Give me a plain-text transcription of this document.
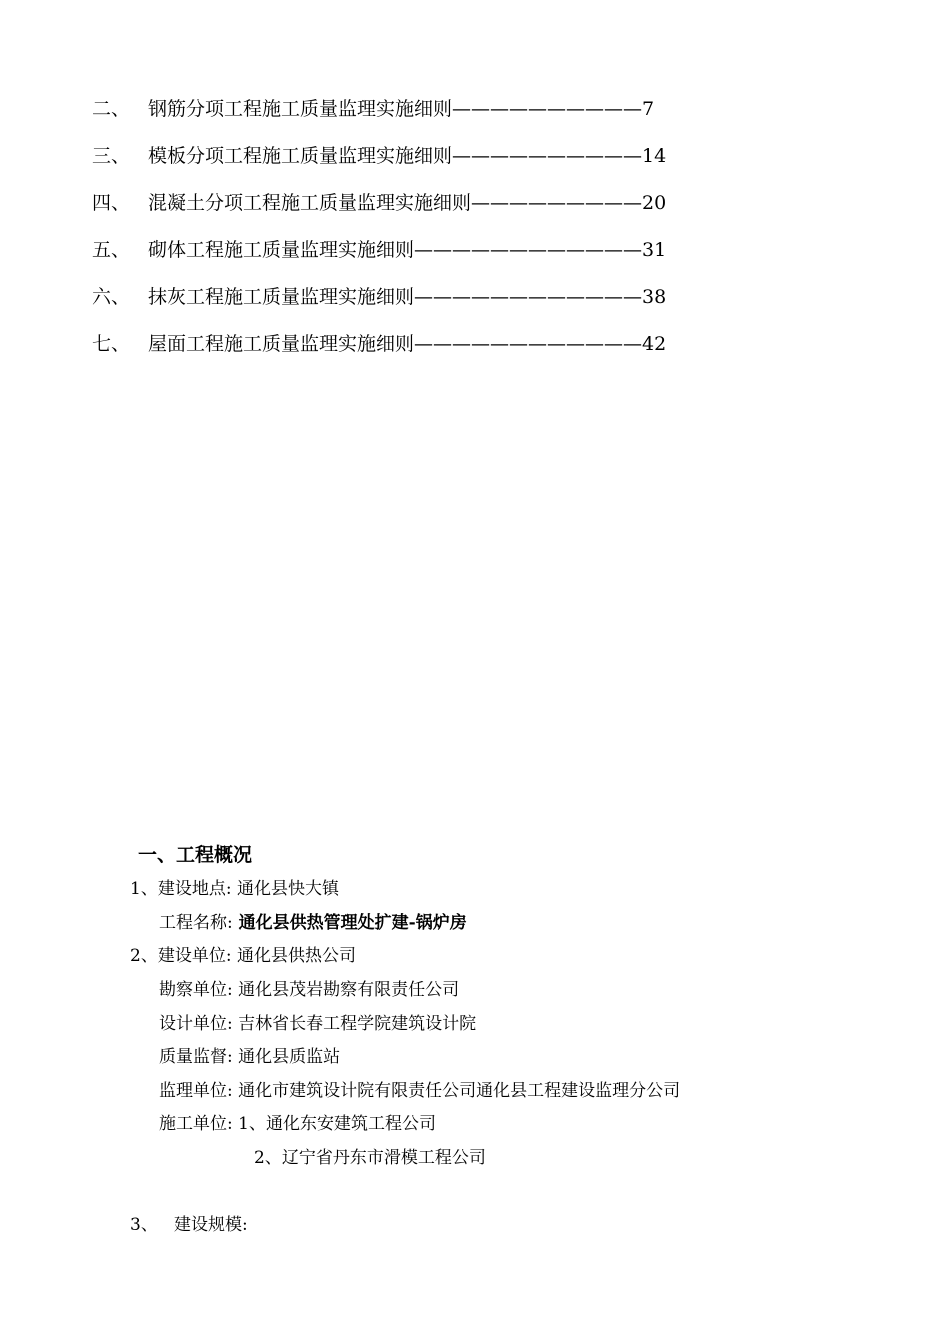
二、 钢筋分项工程施工质量监理实施细则——————————7
三、 模板分项工程施工质量监理实施细则——————————14
四、 混凝土分项工程施工质量监理实施细则—————————20
五、 砌体工程施工质量监理实施细则————————————31
六、 抹灰工程施工质量监理实施细则————————————38
七、 屋面工程施工质量监理实施细则————————————42
一、工程概况
1、建设地点: 通化县快大镇
工程名称: 通化县供热管理处扩建-锅炉房
2、建设单位: 通化县供热公司
勘察单位: 通化县茂岩勘察有限责任公司
设计单位: 吉林省长春工程学院建筑设计院
质量监督: 通化县质监站
监理单位: 通化市建筑设计院有限责任公司通化县工程建设监理分公司
施工单位: 1、通化东安建筑工程公司
2、辽宁省丹东市滑模工程公司
3、 建设规模:
